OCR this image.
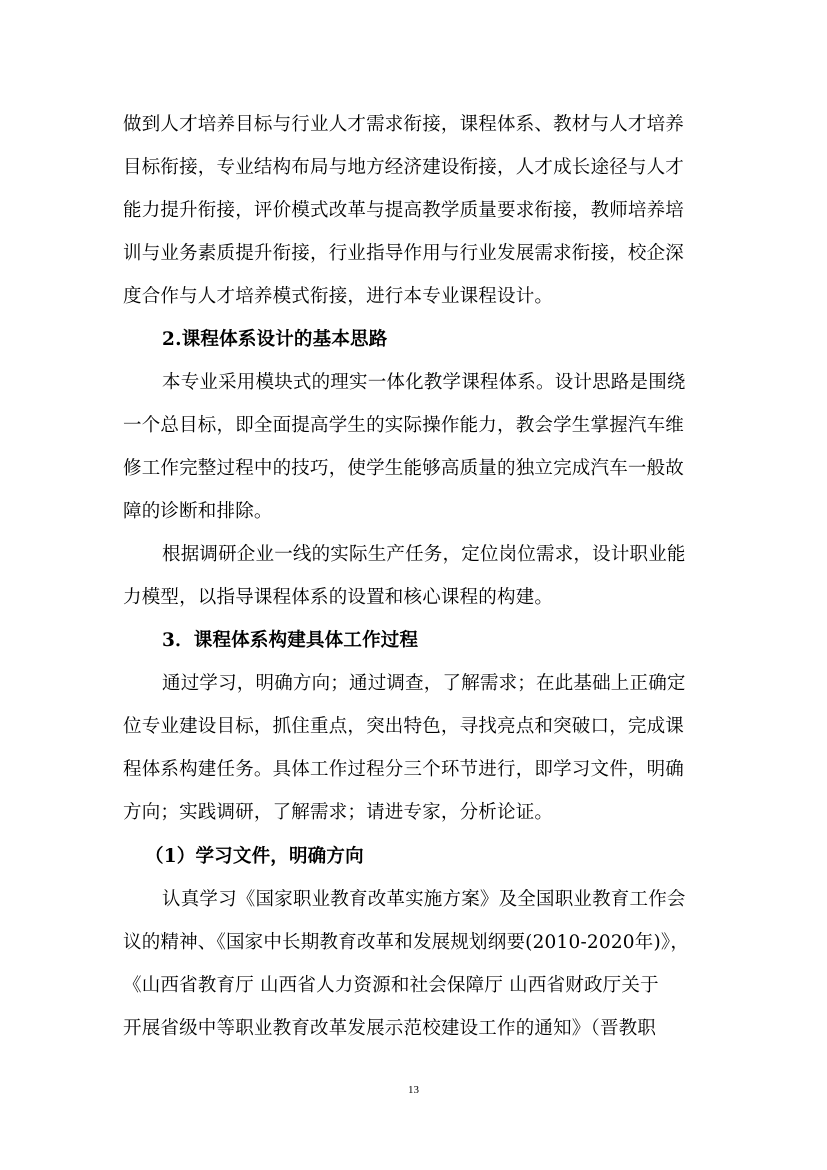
做到人才培养目标与行业人才需求衔接，课程体系、教材与人才培养
目标衔接，专业结构布局与地方经济建设衔接，人才成长途径与人才
能力提升衔接，评价模式改革与提高教学质量要求衔接，教师培养培
训与业务素质提升衔接，行业指导作用与行业发展需求衔接，校企深
度合作与人才培养模式衔接，进行本专业课程设计。
2.课程体系设计的基本思路
本专业采用模块式的理实一体化教学课程体系。设计思路是围绕
一个总目标，即全面提高学生的实际操作能力，教会学生掌握汽车维
修工作完整过程中的技巧，使学生能够高质量的独立完成汽车一般故
障的诊断和排除。
根据调研企业一线的实际生产任务，定位岗位需求，设计职业能
力模型，以指导课程体系的设置和核心课程的构建。
3．课程体系构建具体工作过程
通过学习，明确方向；通过调查，了解需求；在此基础上正确定
位专业建设目标，抓住重点，突出特色，寻找亮点和突破口，完成课
程体系构建任务。具体工作过程分三个环节进行，即学习文件，明确
方向；实践调研，了解需求；请进专家，分析论证。
（1）学习文件，明确方向
认真学习《国家职业教育改革实施方案》及全国职业教育工作会
议的精神、《国家中长期教育改革和发展规划纲要(2010-2020年)》，
《山西省教育厅 山西省人力资源和社会保障厅 山西省财政厅关于
开展省级中等职业教育改革发展示范校建设工作的通知》（晋教职
13
